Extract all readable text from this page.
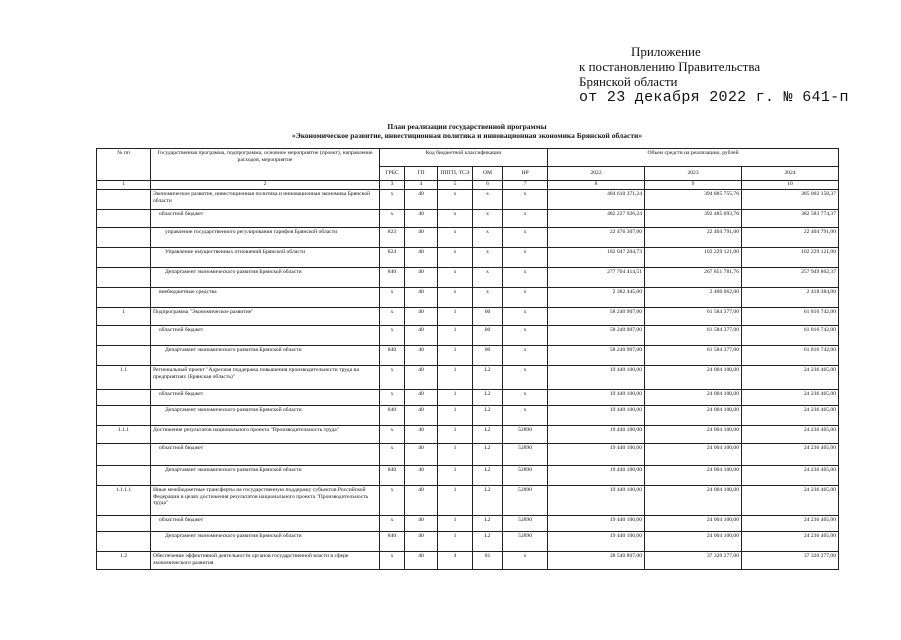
Приложение
к постановлению Правительства
Брянской области
от 23 декабря 2022 г. № 641-п
План реализации государственной программы
«Экономическое развитие, инвестиционная политика и инновационная экономика Брянской области»
№ пп	Государственная программа, подпрограмма, основное мероприятие (проект), направление расходов, мероприятие	Код бюджетной классификации					Объем средств на реализацию, рублей		
		ГРБС	ГП	ППГП, ТСЭ	ОМ	НР	2022	2023	2024
1	2	3	4	5	6	7	8	9	10
	Экономическое развитие, инвестиционная политика и инновационная экономика Брянской области	x	40	x	x	x	484 610 371,24	394 885 755,76	385 002 158,37
	областной бюджет	x	40	x	x	x	482 227 926,24	392 485 693,76	382 583 774,37
	управление государственного регулирования тарифов Брянской области	823	40	x	x	x	22 476 307,00	22 404 791,00	22 404 791,00
	Управление имущественных отношений Брянской области	824	40	x	x	x	182 047 204,73	102 229 121,00	102 229 121,00
	Департамент экономического развития Брянской области	840	40	x	x	x	277 704 414,51	267 851 781,76	257 949 862,37
	внебюджетные средства	x	40	x	x	x	2 382 445,00	2 400 062,00	2 418 384,00
1	Подпрограмма "Экономическое развитие"	x	40	1	00	x	58 240 907,00	61 584 377,00	61 816 742,00
	областной бюджет	x	40	1	00	x	58 240 907,00	61 584 377,00	61 816 742,00
	Департамент экономического развития Брянской области	840	40	1	00	x	58 240 907,00	61 584 377,00	61 816 742,00
1.1	Региональный проект "Адресная поддержка повышения производительности труда на предприятиях (Брянская область)"	x	40	1	L2	x	19 440 100,00	24 004 100,00	24 236 465,00
	областной бюджет	x	40	1	L2	x	19 440 100,00	24 004 100,00	24 236 465,00
	Департамент экономического развития Брянской области	840	40	1	L2	x	19 440 100,00	24 004 100,00	24 236 465,00
1.1.1	Достижение результатов национального проекта "Производительность труда"	x	40	1	L2	52890	19 440 100,00	24 004 100,00	24 236 465,00
	областной бюджет	x	40	1	L2	52890	19 440 100,00	24 004 100,00	24 236 465,00
	Департамент экономического развития Брянской области	840	40	1	L2	52890	19 440 100,00	24 004 100,00	24 236 465,00
1.1.1.1	Иные межбюджетные трансферты на государственную поддержку субъектов Российской Федерации в целях достижения результатов национального проекта "Производительность труда"	x	40	1	L2	52890	19 440 100,00	24 004 100,00	24 236 465,00
	областной бюджет	x	40	1	L2	52890	19 440 100,00	24 004 100,00	24 236 465,00
	Департамент экономического развития Брянской области	840	40	1	L2	52890	19 440 100,00	24 004 100,00	24 236 465,00
1.2	Обеспечение эффективной деятельности органов государственной власти в сфере экономического развития	x	40	4	01	x	38 540 807,00	37 320 277,00	37 320 277,00
